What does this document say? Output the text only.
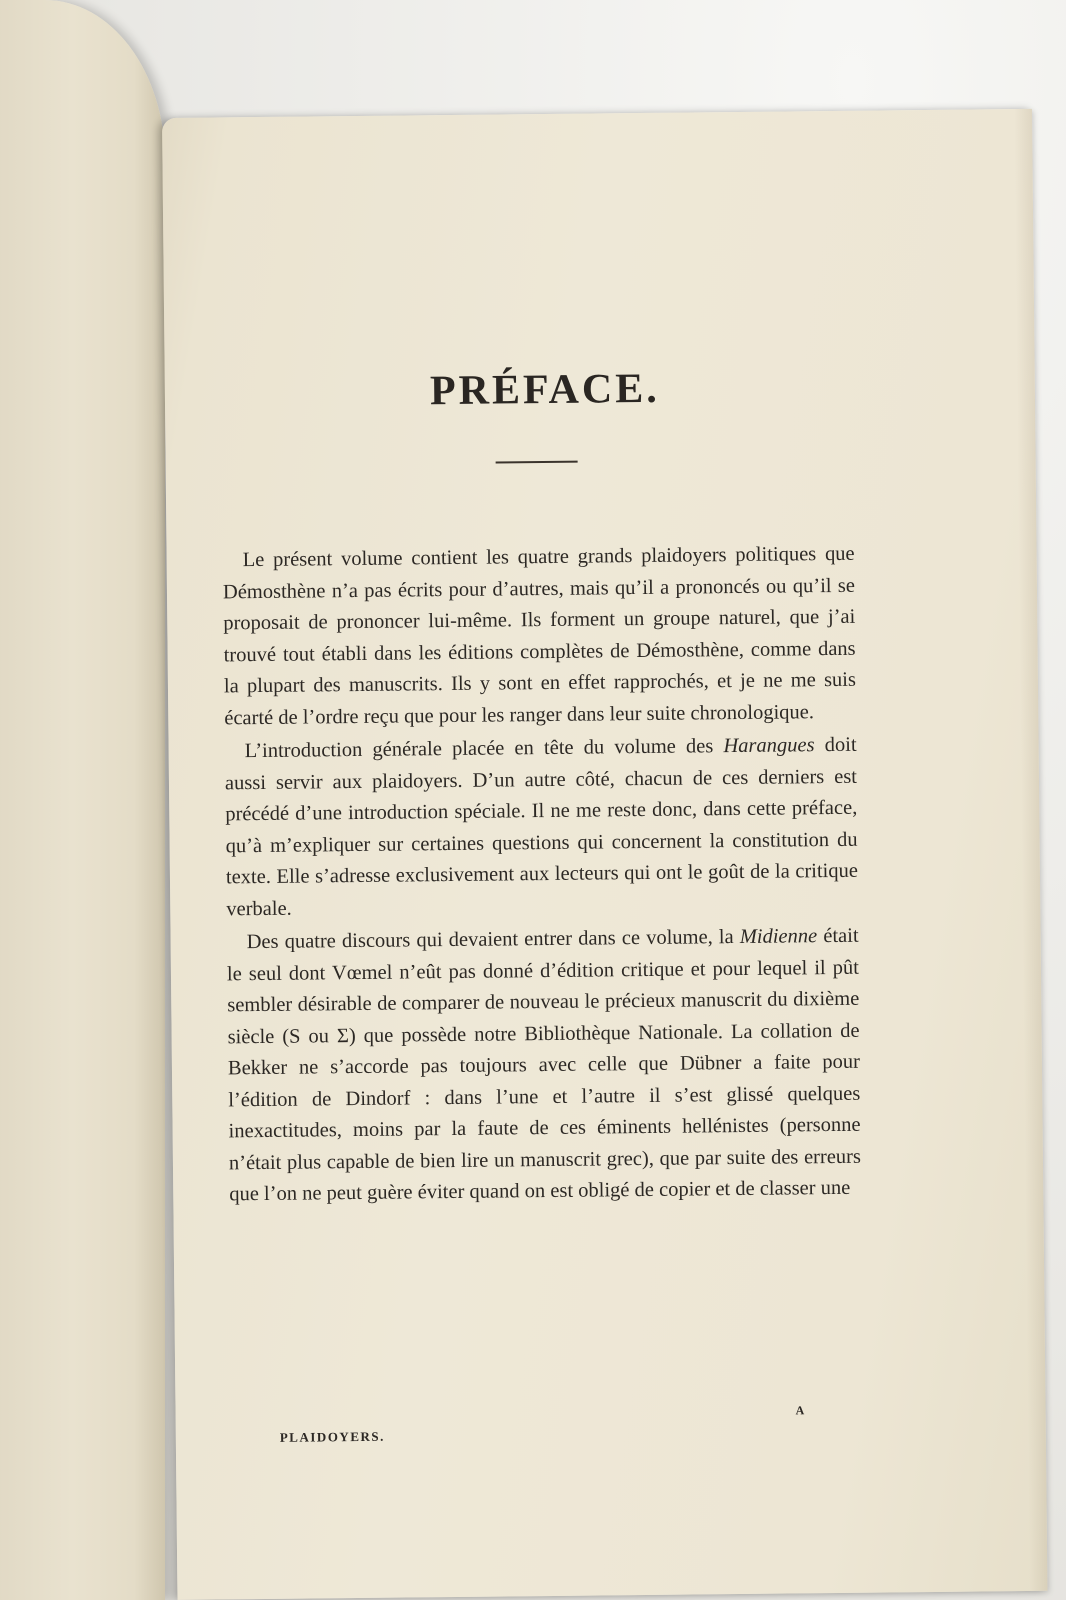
PRÉFACE.

Le présent volume contient les quatre grands plaidoyers politiques que Démosthène n’a pas écrits pour d’autres, mais qu’il a prononcés ou qu’il se proposait de prononcer lui-même. Ils forment un groupe naturel, que j’ai trouvé tout établi dans les éditions complètes de Démosthène, comme dans la plupart des manuscrits. Ils y sont en effet rapprochés, et je ne me suis écarté de l’ordre reçu que pour les ranger dans leur suite chronologique.

L’introduction générale placée en tête du volume des Harangues doit aussi servir aux plaidoyers. D’un autre côté, chacun de ces derniers est précédé d’une introduction spéciale. Il ne me reste donc, dans cette préface, qu’à m’expliquer sur certaines questions qui concernent la constitution du texte. Elle s’adresse exclusivement aux lecteurs qui ont le goût de la critique verbale.

Des quatre discours qui devaient entrer dans ce volume, la Midienne était le seul dont Vœmel n’eût pas donné d’édition critique et pour lequel il pût sembler désirable de comparer de nouveau le précieux manuscrit du dixième siècle (S ou Σ) que possède notre Bibliothèque Nationale. La collation de Bekker ne s’accorde pas toujours avec celle que Dübner a faite pour l’édition de Dindorf : dans l’une et l’autre il s’est glissé quelques inexactitudes, moins par la faute de ces éminents hellénistes (personne n’était plus capable de bien lire un manuscrit grec), que par suite des erreurs que l’on ne peut guère éviter quand on est obligé de copier et de classer une

PLAIDOYERS.
A
